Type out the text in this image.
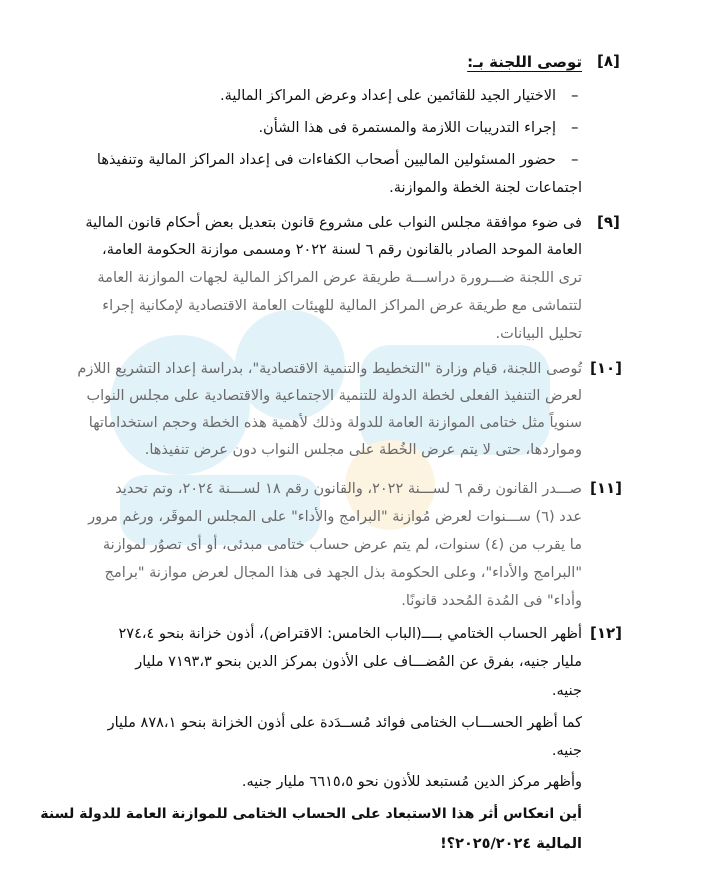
[٨]
توصى اللجنة بـ:
–
الاختيار الجيد للقائمين على إعداد وعرض المراكز المالية.
–
إجراء التدريبات اللازمة والمستمرة فى هذا الشأن.
–
حضور المسئولين الماليين أصحاب الكفاءات فى إعداد المراكز المالية وتنفيذها
اجتماعات لجنة الخطة والموازنة.
[٩]
فى ضوء موافقة مجلس النواب على مشروع قانون بتعديل بعض أحكام قانون المالية
العامة الموحد الصادر بالقانون رقم ٦ لسنة ٢٠٢٢ ومسمى موازنة الحكومة العامة،
ترى اللجنة ضـــرورة دراســـة طريقة عرض المراكز المالية لجهات الموازنة العامة
لتتماشى مع طريقة عرض المراكز المالية للهيئات العامة الاقتصادية لإمكانية إجراء
تحليل البيانات.
[١٠]
تُوصى اللجنة، قيام وزارة "التخطيط والتنمية الاقتصادية"، بدراسة إعداد التشريع اللازم
لعرض التنفيذ الفعلى لخطة الدولة للتنمية الاجتماعية والاقتصادية على مجلس النواب
سنوياً مثل ختامى الموازنة العامة للدولة وذلك لأهمية هذه الخطة وحجم استخداماتها
ومواردها، حتى لا يتم عرض الخُطة على مجلس النواب دون عرض تنفيذها.
[١١]
صـــدر القانون رقم ٦ لســـنة ٢٠٢٢، والقانون رقم ١٨ لســـنة ٢٠٢٤، وتم تحديد
عدد (٦) ســـنوات لعرض مُوازنة "البرامج والأداء" على المجلس الموقَر، ورغم مرور
ما يقرب من (٤) سنوات، لم يتم عرض حساب ختامى مبدئى، أو أى تصوُر لموازنة
"البرامج والأداء"، وعلى الحكومة بذل الجهد فى هذا المجال لعرض موازنة "برامج
وأداء" فى المُدة المُحدد قانونًا.
[١٢]
أظهر الحساب الختامي بــــ(الباب الخامس: الاقتراض)، أذون خزانة بنحو ٢٧٤،٤
مليار جنيه، بفرق عن المُضـــاف على الأذون بمركز الدين بنحو ٧١٩٣،٣ مليار
جنيه.
كما أظهر الحســـاب الختامى فوائد مُســدَدة على أذون الخزانة بنحو ٨٧٨،١ مليار
جنيه.
وأظهر مركز الدين مُستبعد للأذون نحو ٦٦١٥،٥ مليار جنيه.
أين انعكاس أثر هذا الاستبعاد على الحساب الختامى للموازنة العامة للدولة لسنة
المالية ٢٠٢٥/٢٠٢٤؟!
